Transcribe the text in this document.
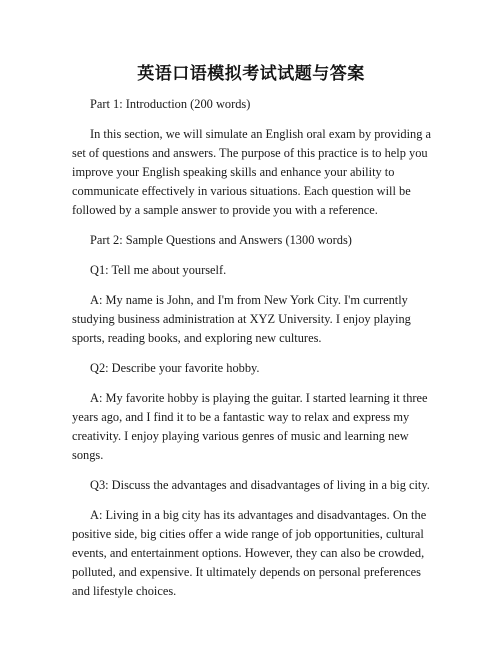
英语口语模拟考试试题与答案

Part 1: Introduction (200 words)

In this section, we will simulate an English oral exam by providing a set of questions and answers. The purpose of this practice is to help you improve your English speaking skills and enhance your ability to communicate effectively in various situations. Each question will be followed by a sample answer to provide you with a reference.

Part 2: Sample Questions and Answers (1300 words)

Q1: Tell me about yourself.

A: My name is John, and I'm from New York City. I'm currently studying business administration at XYZ University. I enjoy playing sports, reading books, and exploring new cultures.

Q2: Describe your favorite hobby.

A: My favorite hobby is playing the guitar. I started learning it three years ago, and I find it to be a fantastic way to relax and express my creativity. I enjoy playing various genres of music and learning new songs.

Q3: Discuss the advantages and disadvantages of living in a big city.

A: Living in a big city has its advantages and disadvantages. On the positive side, big cities offer a wide range of job opportunities, cultural events, and entertainment options. However, they can also be crowded, polluted, and expensive. It ultimately depends on personal preferences and lifestyle choices.
